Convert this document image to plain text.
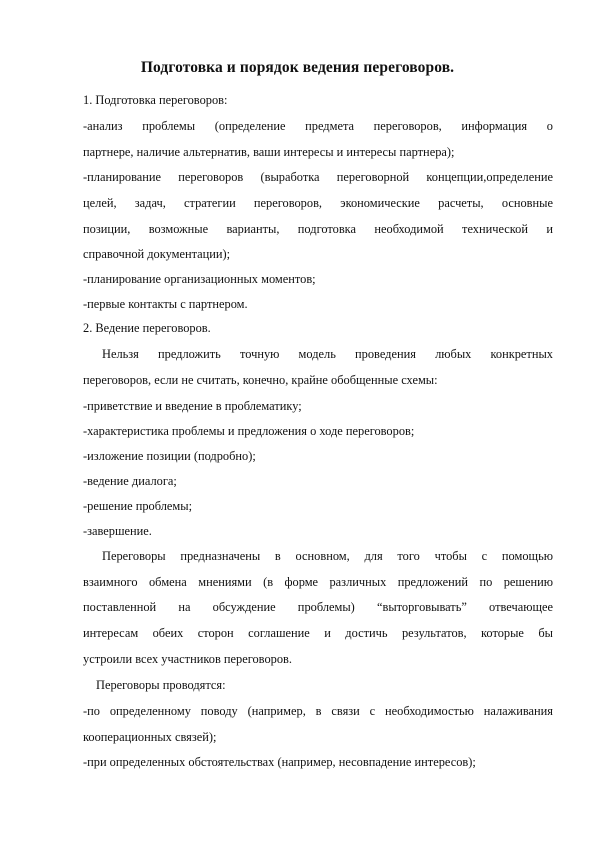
Подготовка и порядок ведения переговоров.
1. Подготовка переговоров:
-анализ проблемы (определение предмета переговоров, информация о
партнере, наличие альтернатив, ваши интересы и интересы партнера);
-планирование переговоров (выработка переговорной концепции,определение
целей, задач, стратегии переговоров, экономические расчеты, основные
позиции, возможные варианты, подготовка необходимой технической и
справочной документации);
-планирование организационных моментов;
-первые контакты с партнером.
2. Ведение переговоров.
Нельзя предложить точную модель проведения любых конкретных
переговоров, если не считать, конечно, крайне обобщенные схемы:
-приветствие и введение в проблематику;
-характеристика проблемы и предложения о ходе переговоров;
-изложение позиции (подробно);
-ведение диалога;
-решение проблемы;
-завершение.
Переговоры предназначены в основном, для того чтобы с помощью
взаимного обмена мнениями (в форме различных предложений по решению
поставленной на обсуждение проблемы) “выторговывать” отвечающее
интересам обеих сторон соглашение и достичь результатов, которые бы
устроили всех участников переговоров.
Переговоры проводятся:
-по определенному поводу (например, в связи с необходимостью налаживания
кооперационных связей);
-при определенных обстоятельствах (например, несовпадение интересов);
